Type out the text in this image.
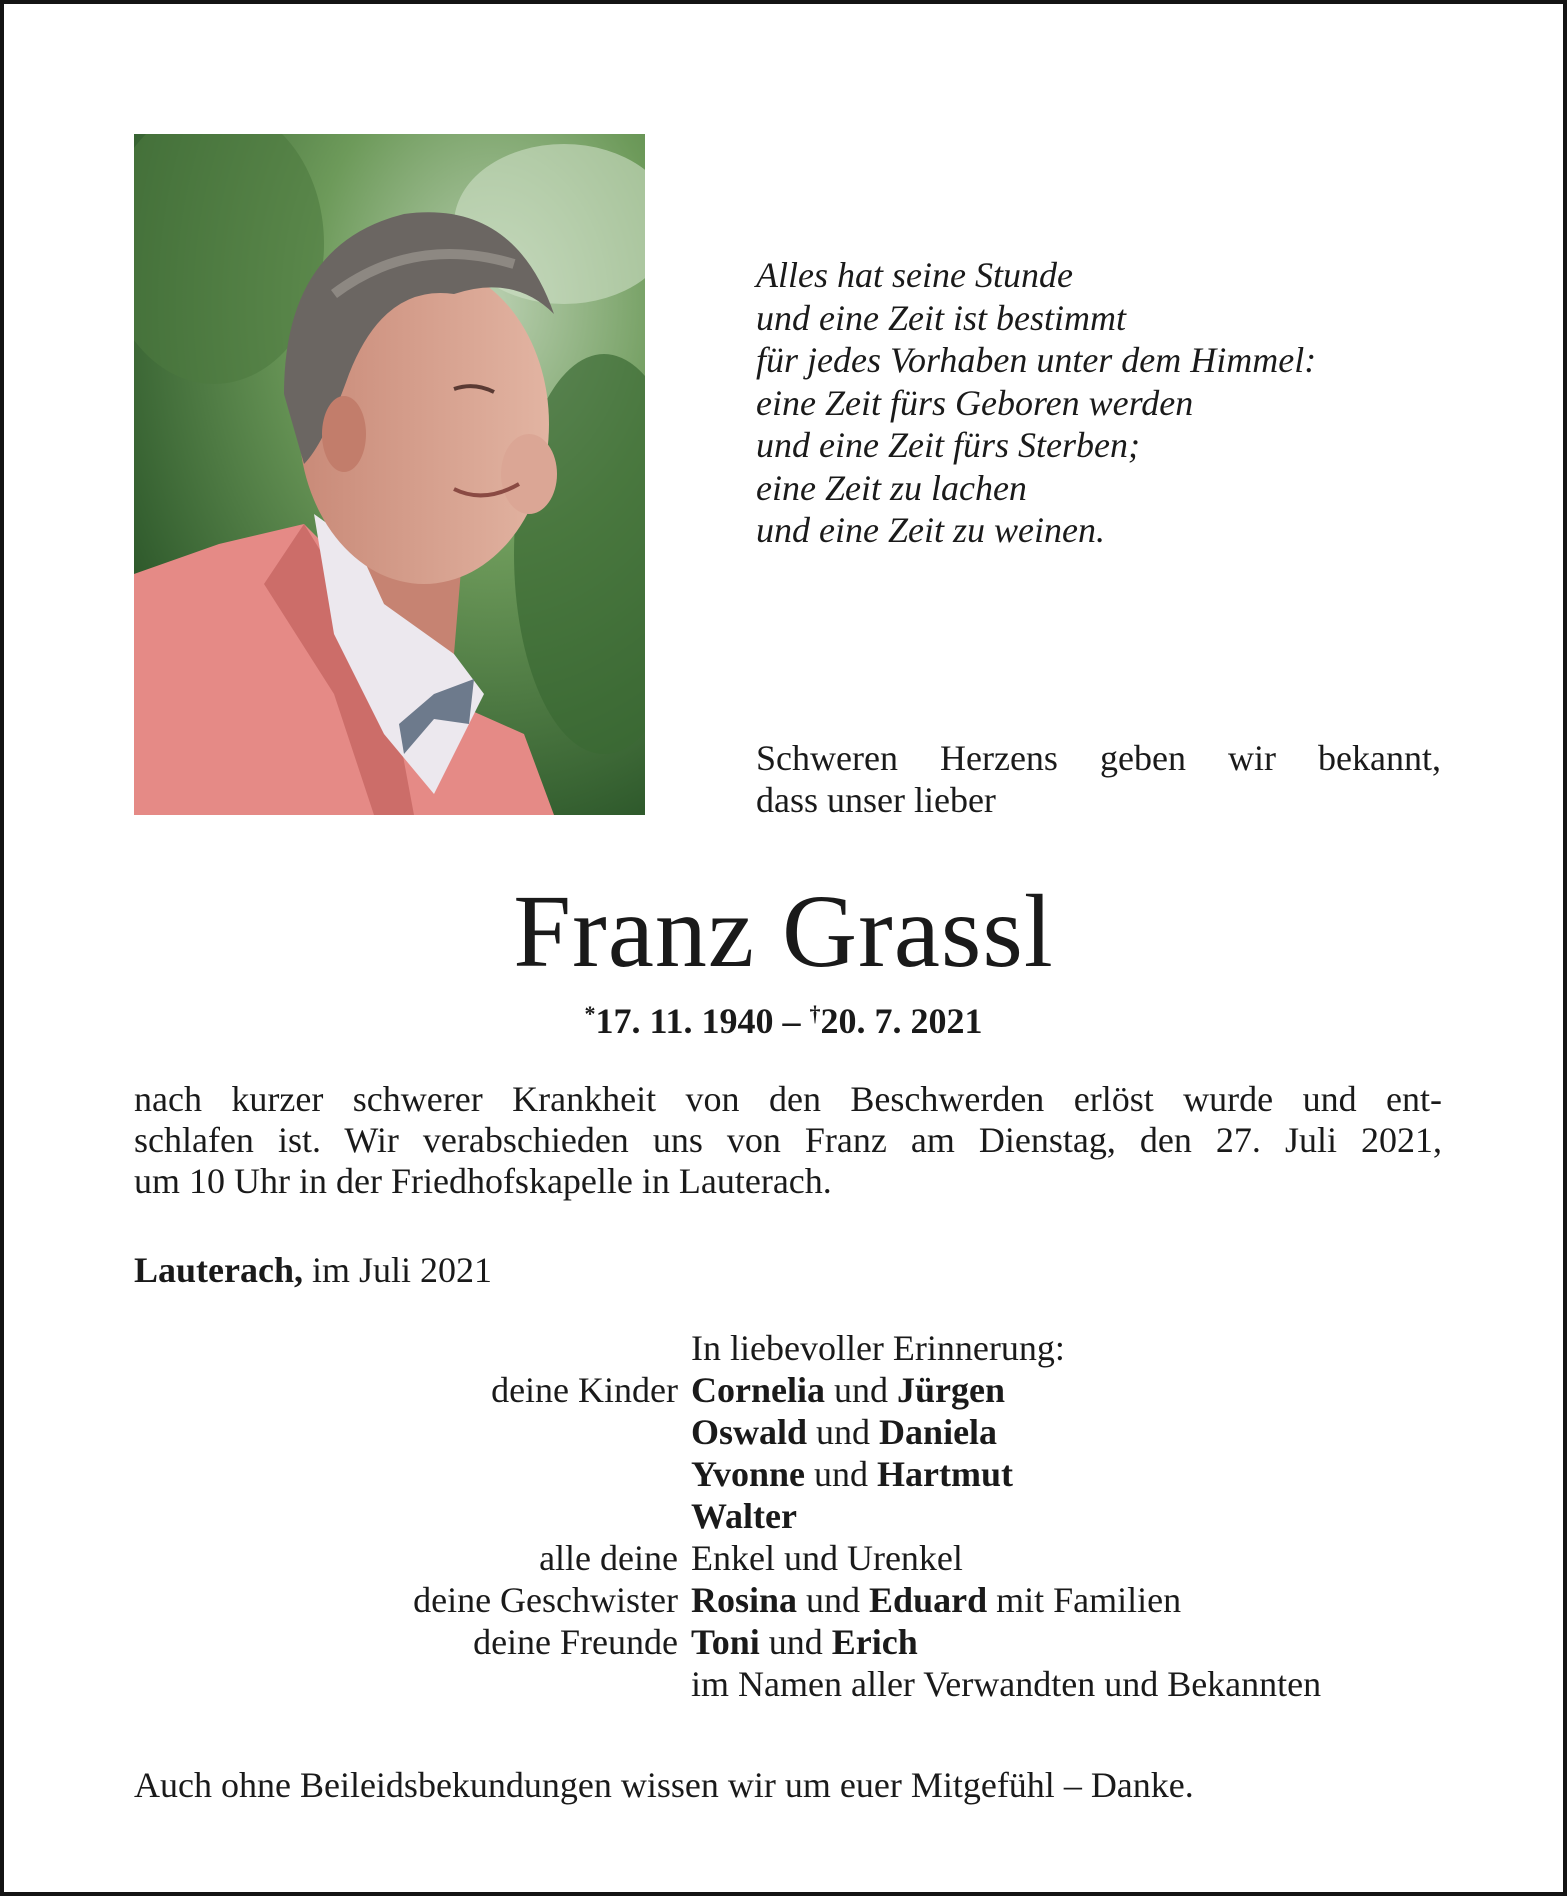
Alles hat seine Stunde
und eine Zeit ist bestimmt
für jedes Vorhaben unter dem Himmel:
eine Zeit fürs Geboren werden
und eine Zeit fürs Sterben;
eine Zeit zu lachen
und eine Zeit zu weinen.
Schweren Herzens geben wir bekannt,
dass unser lieber
Franz Grassl
*17. 11. 1940 – †20. 7. 2021
nach kurzer schwerer Krankheit von den Beschwerden erlöst wurde und ent-
schlafen ist. Wir verabschieden uns von Franz am Dienstag, den 27. Juli 2021,
um 10 Uhr in der Friedhofskapelle in Lauterach.
Lauterach, im Juli 2021
In liebevoller Erinnerung:
deine Kinder Cornelia und Jürgen
Oswald und Daniela
Yvonne und Hartmut
Walter
alle deine Enkel und Urenkel
deine Geschwister Rosina und Eduard mit Familien
deine Freunde Toni und Erich
im Namen aller Verwandten und Bekannten
Auch ohne Beileidsbekundungen wissen wir um euer Mitgefühl – Danke.
